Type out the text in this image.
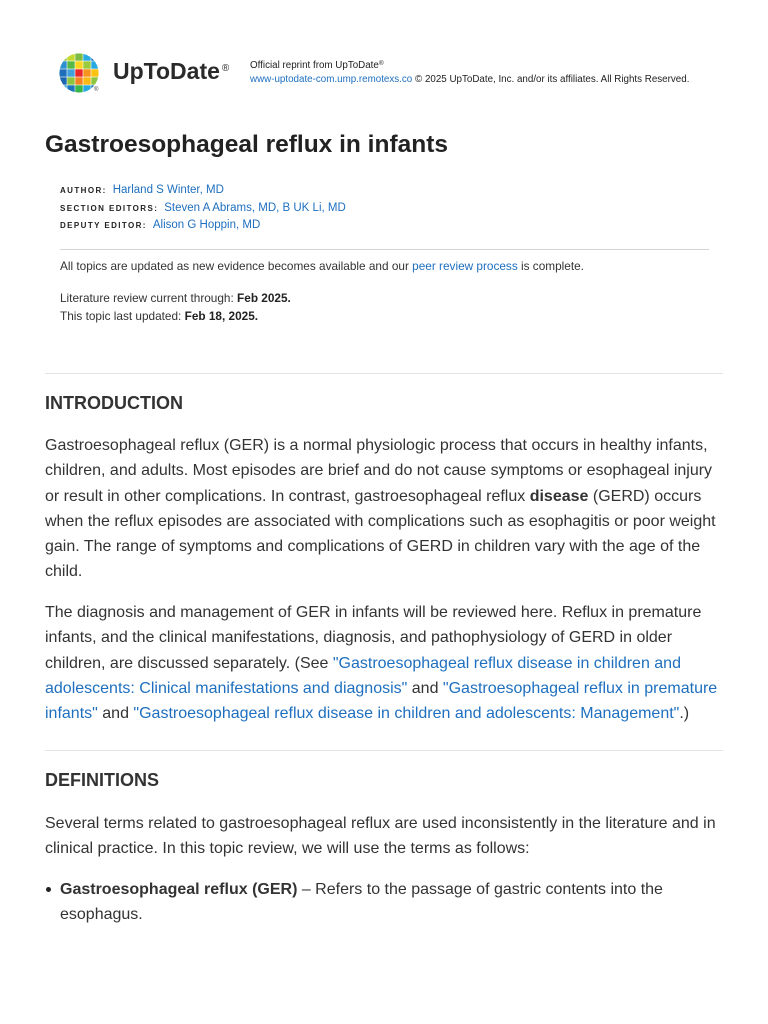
®
UpToDate ® Official reprint from UpToDate®
www-uptodate-com.ump.remotexs.co © 2025 UpToDate, Inc. and/or its affiliates. All Rights Reserved.
Gastroesophageal reflux in infants
AUTHOR: Harland S Winter, MD
SECTION EDITORS: Steven A Abrams, MD, B UK Li, MD
DEPUTY EDITOR: Alison G Hoppin, MD
All topics are updated as new evidence becomes available and our peer review process is complete.
Literature review current through: Feb 2025.
This topic last updated: Feb 18, 2025.
INTRODUCTION
Gastroesophageal reflux (GER) is a normal physiologic process that occurs in healthy infants, children, and adults. Most episodes are brief and do not cause symptoms or esophageal injury or result in other complications. In contrast, gastroesophageal reflux disease (GERD) occurs when the reflux episodes are associated with complications such as esophagitis or poor weight gain. The range of symptoms and complications of GERD in children vary with the age of the child.
The diagnosis and management of GER in infants will be reviewed here. Reflux in premature infants, and the clinical manifestations, diagnosis, and pathophysiology of GERD in older children, are discussed separately. (See "Gastroesophageal reflux disease in children and adolescents: Clinical manifestations and diagnosis" and "Gastroesophageal reflux in premature infants" and "Gastroesophageal reflux disease in children and adolescents: Management".)
DEFINITIONS
Several terms related to gastroesophageal reflux are used inconsistently in the literature and in clinical practice. In this topic review, we will use the terms as follows:
Gastroesophageal reflux (GER) – Refers to the passage of gastric contents into the esophagus.
